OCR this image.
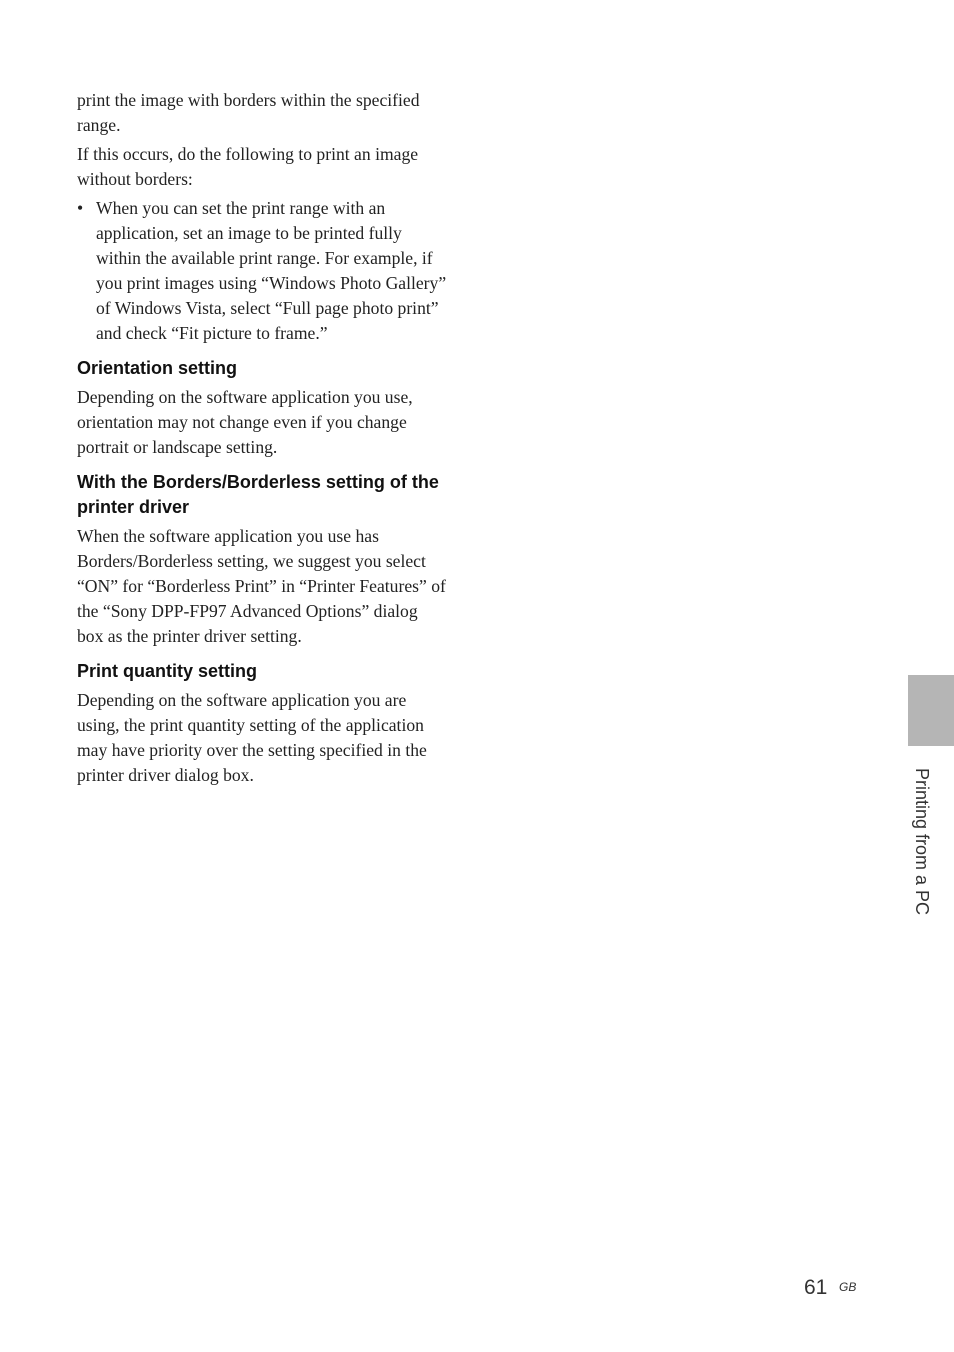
print the image with borders within the specified range.

If this occurs, do the following to print an image without borders:

• When you can set the print range with an application, set an image to be printed fully within the available print range. For example, if you print images using “Windows Photo Gallery” of Windows Vista, select “Full page photo print” and check “Fit picture to frame.”
Orientation setting

Depending on the software application you use, orientation may not change even if you change portrait or landscape setting.

With the Borders/Borderless setting of the printer driver

When the software application you use has Borders/Borderless setting, we suggest you select “ON” for “Borderless Print” in “Printer Features” of the “Sony DPP-FP97 Advanced Options” dialog box as the printer driver setting.

Print quantity setting

Depending on the software application you are using, the print quantity setting of the application may have priority over the setting specified in the printer driver dialog box.	Printing from a PC
61 GB
